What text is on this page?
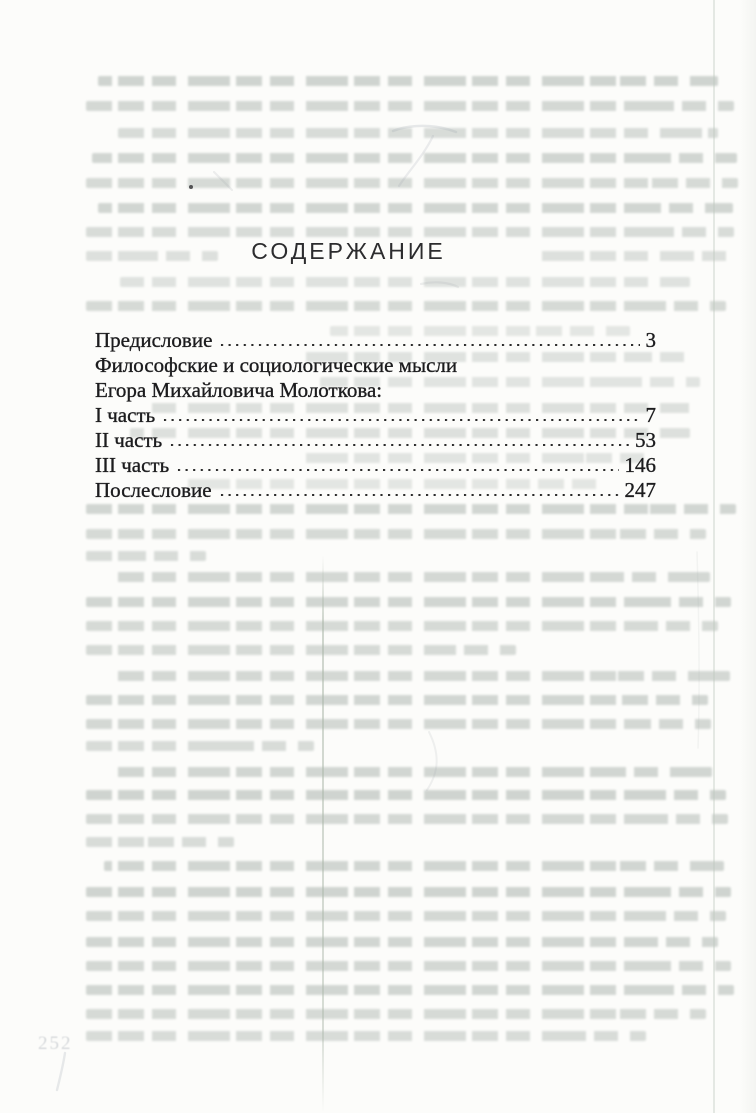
СОДЕРЖАНИЕ
Предисловие	3
Философские и социологические мысли
Егора Михайловича Молоткова:
I часть	7
II часть	53
III часть	146
Послесловие	247
252
